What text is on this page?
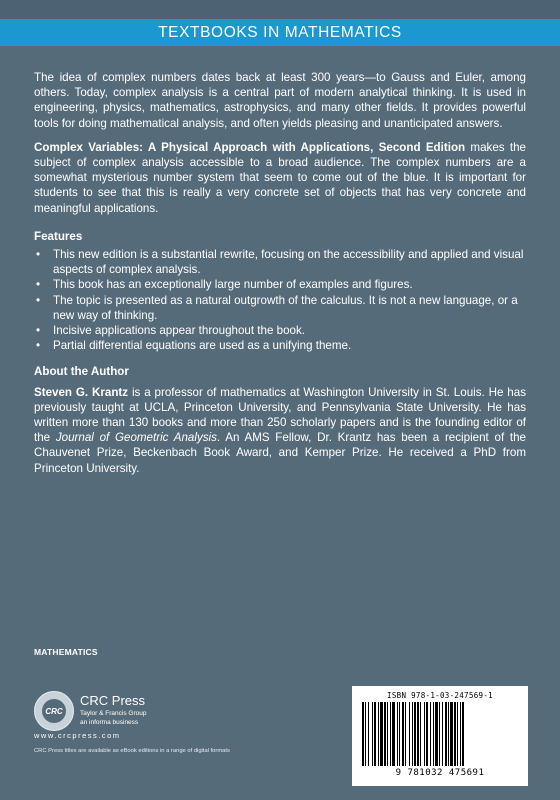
TEXTBOOKS IN MATHEMATICS

The idea of complex numbers dates back at least 300 years—to Gauss and Euler, among others. Today, complex analysis is a central part of modern analytical thinking. It is used in engineering, physics, mathematics, astrophysics, and many other fields. It provides powerful tools for doing mathematical analysis, and often yields pleasing and unanticipated answers.

Complex Variables: A Physical Approach with Applications, Second Edition makes the subject of complex analysis accessible to a broad audience. The complex numbers are a somewhat mysterious number system that seem to come out of the blue. It is important for students to see that this is really a very concrete set of objects that has very concrete and meaningful applications.

Features
• This new edition is a substantial rewrite, focusing on the accessibility and applied and visual aspects of complex analysis.
• This book has an exceptionally large number of examples and figures.
• The topic is presented as a natural outgrowth of the calculus. It is not a new language, or a new way of thinking.
• Incisive applications appear throughout the book.
• Partial differential equations are used as a unifying theme.
About the Author

Steven G. Krantz is a professor of mathematics at Washington University in St. Louis. He has previously taught at UCLA, Princeton University, and Pennsylvania State University. He has written more than 130 books and more than 250 scholarly papers and is the founding editor of the Journal of Geometric Analysis. An AMS Fellow, Dr. Krantz has been a recipient of the Chauvenet Prize, Beckenbach Book Award, and Kemper Prize. He received a PhD from Princeton University.

MATHEMATICS
CRC
CRC Press
Taylor & Francis Group
an informa business
www.crcpress.com
CRC Press titles are available as eBook editions in a range of digital formats
ISBN 978-1-03-247569-1
9 781032 475691
